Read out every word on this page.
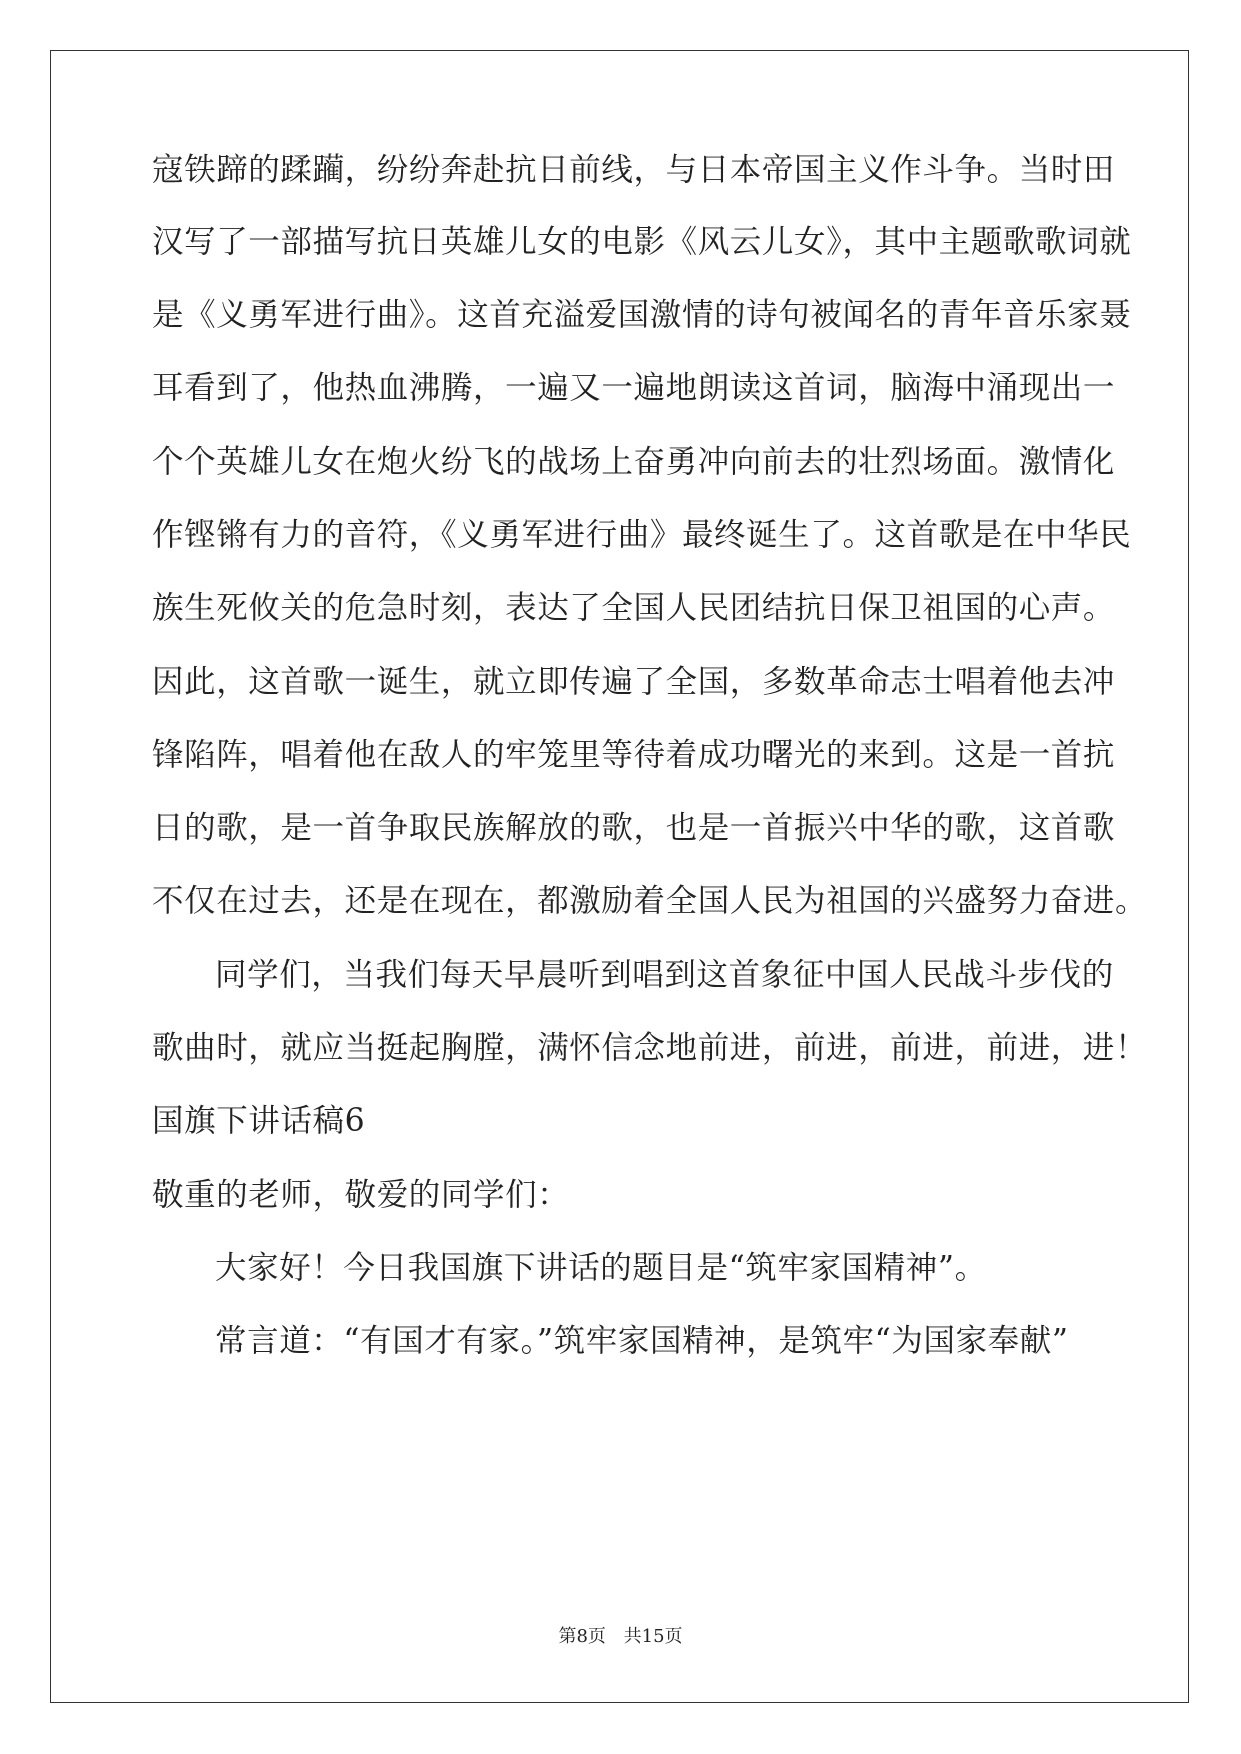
寇铁蹄的蹂躏，纷纷奔赴抗日前线，与日本帝国主义作斗争。当时田
汉写了一部描写抗日英雄儿女的电影《风云儿女》，其中主题歌歌词就
是《义勇军进行曲》。这首充溢爱国激情的诗句被闻名的青年音乐家聂
耳看到了，他热血沸腾，一遍又一遍地朗读这首词，脑海中涌现出一
个个英雄儿女在炮火纷飞的战场上奋勇冲向前去的壮烈场面。激情化
作铿锵有力的音符，《义勇军进行曲》最终诞生了。这首歌是在中华民
族生死攸关的危急时刻，表达了全国人民团结抗日保卫祖国的心声。
因此，这首歌一诞生，就立即传遍了全国，多数革命志士唱着他去冲
锋陷阵，唱着他在敌人的牢笼里等待着成功曙光的来到。这是一首抗
日的歌，是一首争取民族解放的歌，也是一首振兴中华的歌，这首歌
不仅在过去，还是在现在，都激励着全国人民为祖国的兴盛努力奋进。
同学们，当我们每天早晨听到唱到这首象征中国人民战斗步伐的
歌曲时，就应当挺起胸膛，满怀信念地前进，前进，前进，前进，进！
国旗下讲话稿6
敬重的老师，敬爱的同学们：
大家好！今日我国旗下讲话的题目是“筑牢家国精神”。
常言道：“有国才有家。”筑牢家国精神，是筑牢“为国家奉献”
第8页 共15页
